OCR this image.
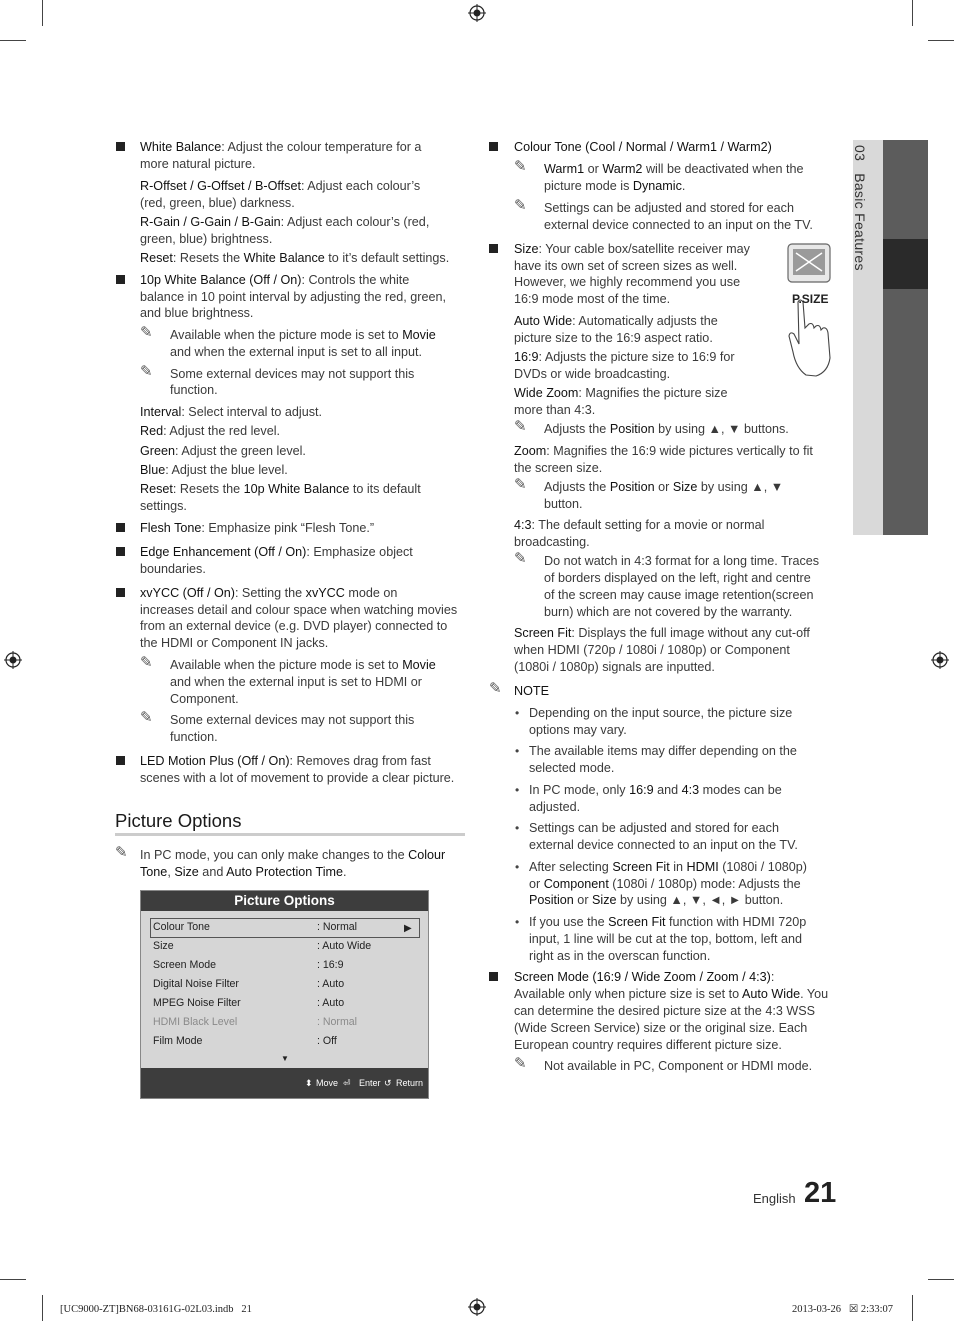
03Basic Features
White Balance: Adjust the colour temperature for a
more natural picture.
R-Offset / G-Offset / B-Offset: Adjust each colour’s
(red, green, blue) darkness.
R-Gain / G-Gain / B-Gain: Adjust each colour’s (red,
green, blue) brightness.
Reset: Resets the White Balance to it’s default settings.
10p White Balance (Off / On): Controls the white
balance in 10 point interval by adjusting the red, green,
and blue brightness.
✎ Available when the picture mode is set to Movie
and when the external input is set to all input.
✎ Some external devices may not support this
function.
Interval: Select interval to adjust.
Red: Adjust the red level.
Green: Adjust the green level.
Blue: Adjust the blue level.
Reset: Resets the 10p White Balance to its default
settings.
Flesh Tone: Emphasize pink “Flesh Tone.”
Edge Enhancement (Off / On): Emphasize object
boundaries.
xvYCC (Off / On): Setting the xvYCC mode on
increases detail and colour space when watching movies
from an external device (e.g. DVD player) connected to
the HDMI or Component IN jacks.
✎ Available when the picture mode is set to Movie
and when the external input is set to HDMI or
Component.
✎ Some external devices may not support this
function.
LED Motion Plus (Off / On): Removes drag from fast
scenes with a lot of movement to provide a clear picture.
Picture Options
✎ In PC mode, you can only make changes to the Colour
Tone, Size and Auto Protection Time.
Picture Options
Colour Tone	: Normal	▶
Size	: Auto Wide
Screen Mode	: 16:9
Digital Noise Filter	: Auto
MPEG Noise Filter	: Auto
HDMI Black Level	: Normal
Film Mode	: Off
▼
⬍ Move ⏎ Enter ↺ Return
Colour Tone (Cool / Normal / Warm1 / Warm2)
✎ Warm1 or Warm2 will be deactivated when the
picture mode is Dynamic.
✎ Settings can be adjusted and stored for each
external device connected to an input on the TV.
Size: Your cable box/satellite receiver may
have its own set of screen sizes as well.
However, we highly recommend you use
16:9 mode most of the time.	P.SIZE
Auto Wide: Automatically adjusts the
picture size to the 16:9 aspect ratio.
16:9: Adjusts the picture size to 16:9 for
DVDs or wide broadcasting.
Wide Zoom: Magnifies the picture size
more than 4:3.
✎ Adjusts the Position by using ▲, ▼ buttons.
Zoom: Magnifies the 16:9 wide pictures vertically to fit
the screen size.
✎ Adjusts the Position or Size by using ▲, ▼
button.
4:3: The default setting for a movie or normal
broadcasting.
✎ Do not watch in 4:3 format for a long time. Traces
of borders displayed on the left, right and centre
of the screen may cause image retention(screen
burn) which are not covered by the warranty.
Screen Fit: Displays the full image without any cut-off
when HDMI (720p / 1080i / 1080p) or Component
(1080i / 1080p) signals are inputted.
✎ NOTE
• Depending on the input source, the picture size
options may vary.
• The available items may differ depending on the
selected mode.
• In PC mode, only 16:9 and 4:3 modes can be
adjusted.
• Settings can be adjusted and stored for each
external device connected to an input on the TV.
• After selecting Screen Fit in HDMI (1080i / 1080p)
or Component (1080i / 1080p) mode: Adjusts the
Position or Size by using ▲, ▼, ◄, ► button.
• If you use the Screen Fit function with HDMI 720p
input, 1 line will be cut at the top, bottom, left and
right as in the overscan function.
Screen Mode (16:9 / Wide Zoom / Zoom / 4:3):
Available only when picture size is set to Auto Wide. You
can determine the desired picture size at the 4:3 WSS
(Wide Screen Service) size or the original size. Each
European country requires different picture size.
✎ Not available in PC, Component or HDMI mode.
English 21
[UC9000-ZT]BN68-03161G-02L03.indb   21	2013-03-26   ☒ 2:33:07
